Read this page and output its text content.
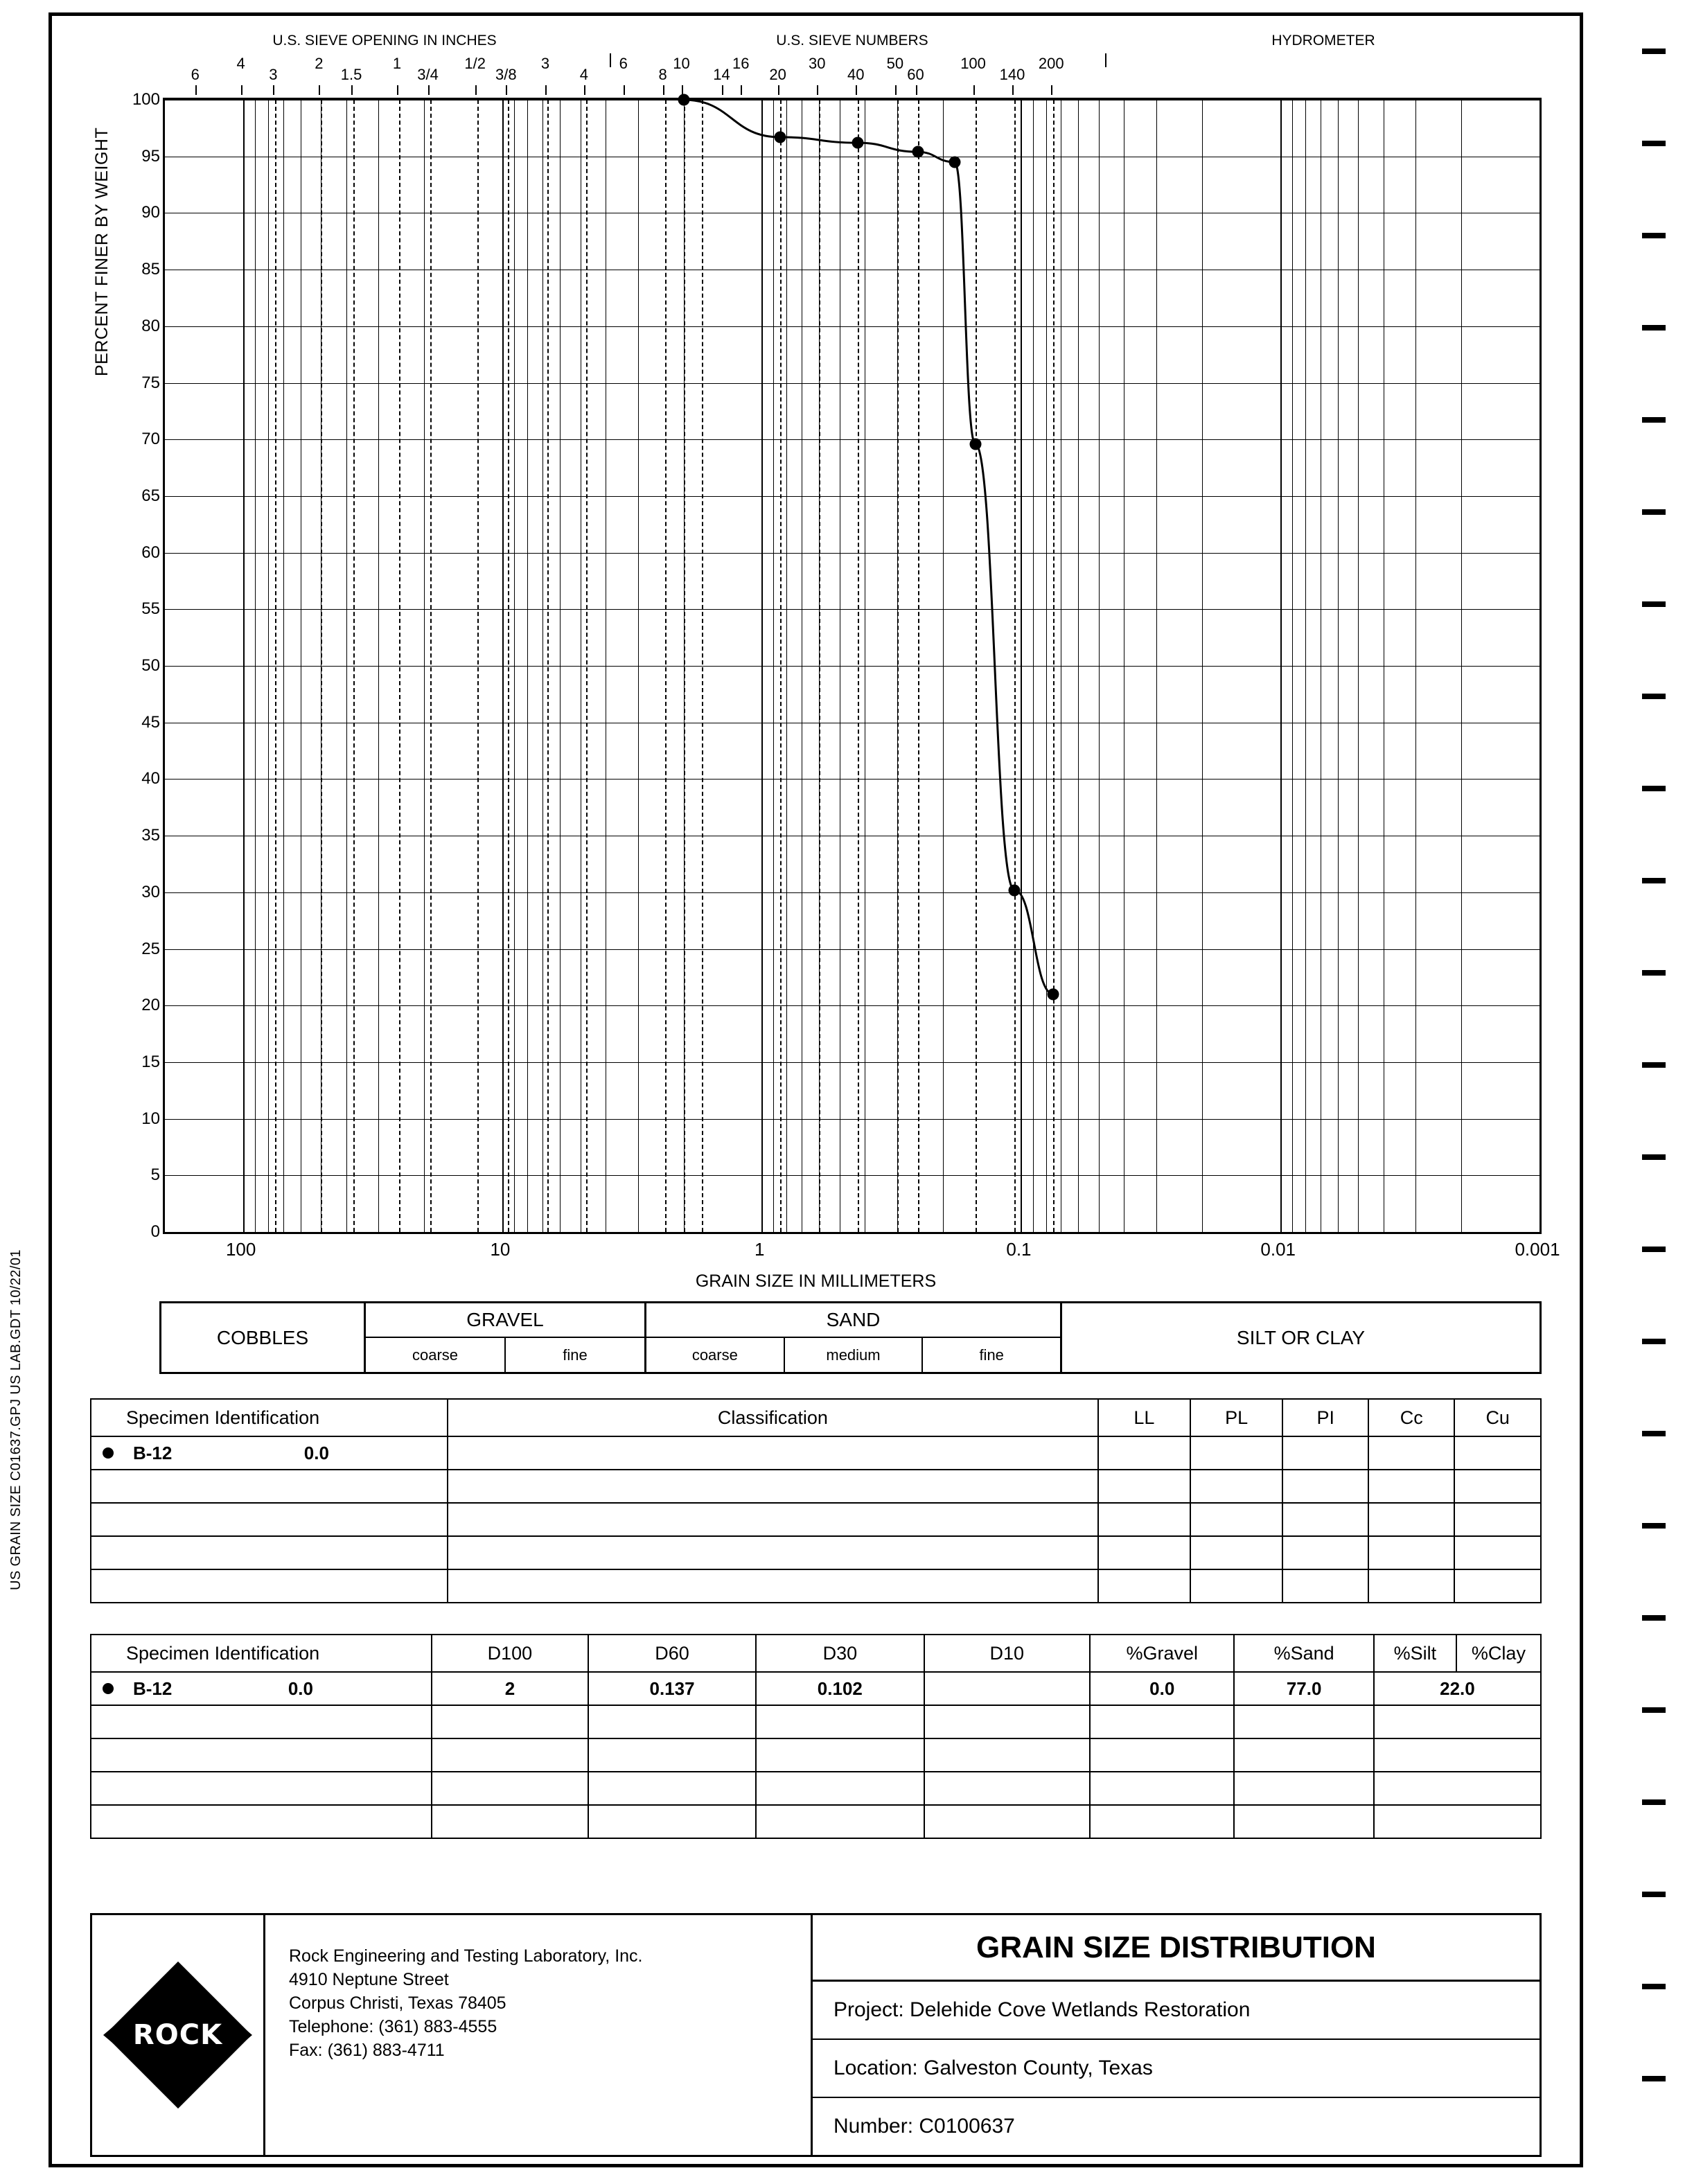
U.S. SIEVE OPENING IN INCHES	U.S. SIEVE NUMBERS	HYDROMETER
6
4
3
2
1.5
1
3/4
1/2
3/8
3
4
6
8
10
14
16
20
30
40
50
60
100
140
200
PERCENT FINER BY WEIGHT
100
95
90
85
80
75
70
65
60
55
50
45
40
35
30
25
20
15
10
5
0
100	10	1	0.1	0.01	0.001
GRAIN SIZE IN MILLIMETERS
COBBLES
GRAVEL
coarse	fine
SAND
coarse	medium	fine
SILT OR CLAY
Specimen Identification	Classification	LL	PL	PI	Cc	Cu

B-12 0.0						

Specimen Identification	D100	D60	D30	D10	%Gravel	%Sand	%Silt	%Clay

B-12 0.0	2	0.137	0.102		0.0	77.0	22.0	

ROCK
Rock Engineering and Testing Laboratory, Inc.
4910 Neptune Street
Corpus Christi, Texas 78405
Telephone: (361) 883-4555
Fax: (361) 883-4711
GRAIN SIZE DISTRIBUTION
Project: Delehide Cove Wetlands Restoration
Location: Galveston County, Texas
Number: C0100637
US GRAIN SIZE C01637.GPJ US LAB.GDT 10/22/01
